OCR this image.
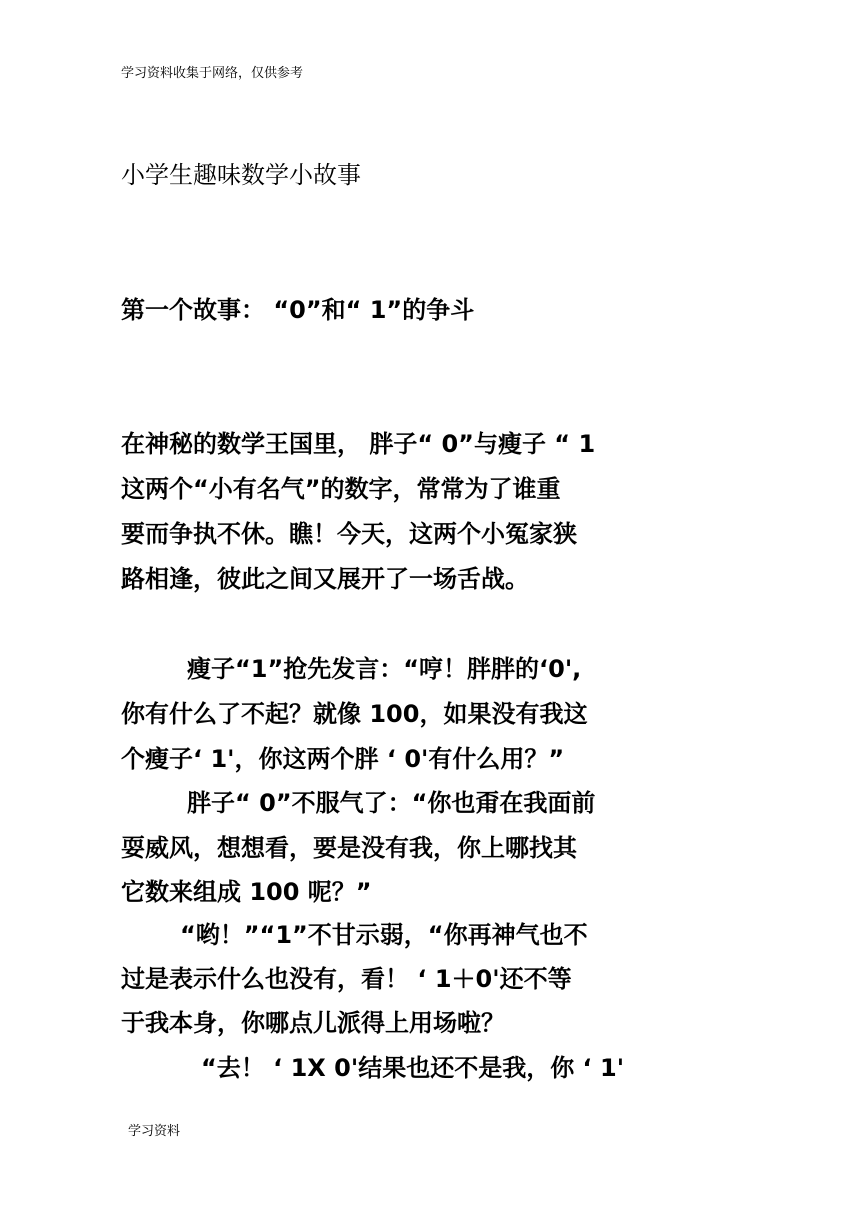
学习资料收集于网络，仅供参考
小学生趣味数学小故事
第一个故事： “0”和“ 1”的争斗
在神秘的数学王国里， 胖子“ 0”与瘦子 “ 1
这两个“小有名气”的数字，常常为了谁重
要而争执不休。瞧！今天，这两个小冤家狭
路相逢，彼此之间又展开了一场舌战。
瘦子“1”抢先发言：“哼！胖胖的‘0',
你有什么了不起？就像 100，如果没有我这
个瘦子‘ 1'，你这两个胖 ‘ 0'有什么用？”
胖子“ 0”不服气了：“你也甭在我面前
耍威风，想想看，要是没有我，你上哪找其
它数来组成 100 呢？”
“哟！”“1”不甘示弱，“你再神气也不
过是表示什么也没有，看！ ‘ 1＋0'还不等
于我本身，你哪点儿派得上用场啦？
“去！ ‘ 1X 0'结果也还不是我，你 ‘ 1'
学习资料
